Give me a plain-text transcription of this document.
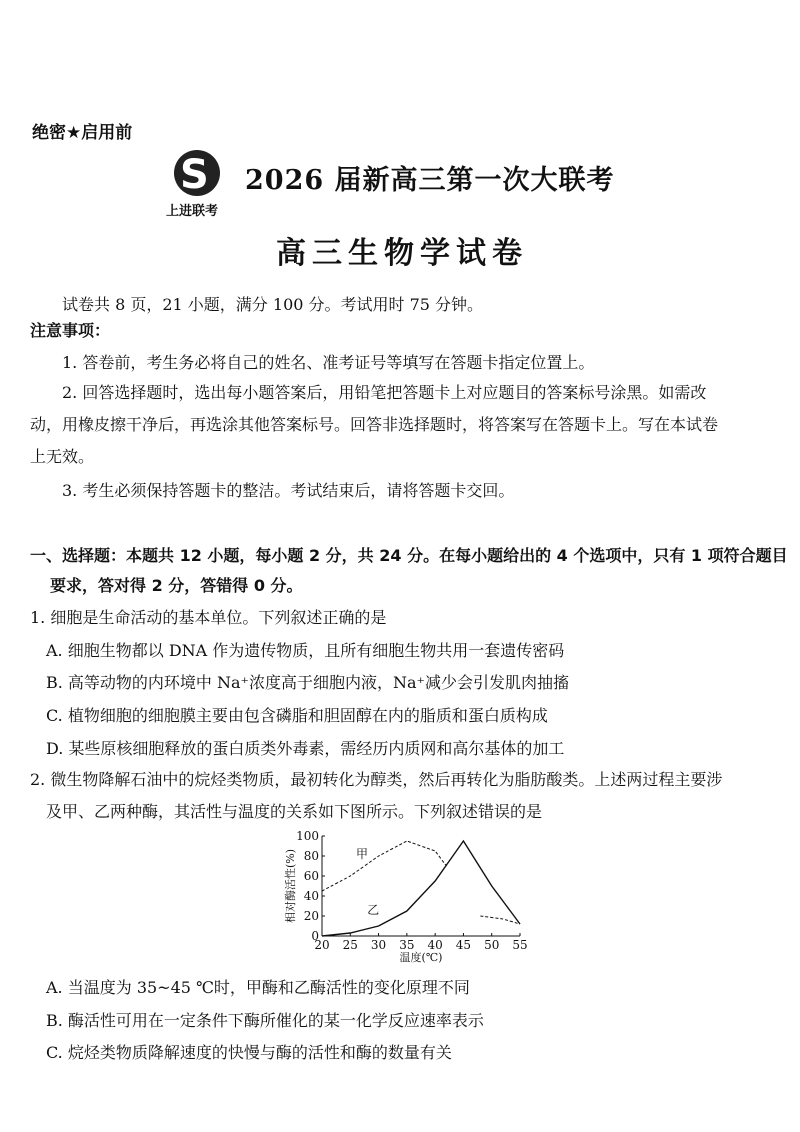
绝密★启用前
S
上进联考
2026 届新高三第一次大联考
高三生物学试卷
试卷共 8 页，21 小题，满分 100 分。考试用时 75 分钟。
注意事项：
1. 答卷前，考生务必将自己的姓名、准考证号等填写在答题卡指定位置上。
2. 回答选择题时，选出每小题答案后，用铅笔把答题卡上对应题目的答案标号涂黑。如需改
动，用橡皮擦干净后，再选涂其他答案标号。回答非选择题时，将答案写在答题卡上。写在本试卷
上无效。
3. 考生必须保持答题卡的整洁。考试结束后，请将答题卡交回。
一、选择题：本题共 12 小题，每小题 2 分，共 24 分。在每小题给出的 4 个选项中，只有 1 项符合题目
要求，答对得 2 分，答错得 0 分。
1. 细胞是生命活动的基本单位。下列叙述正确的是
A. 细胞生物都以 DNA 作为遗传物质，且所有细胞生物共用一套遗传密码
B. 高等动物的内环境中 Na⁺浓度高于细胞内液，Na⁺减少会引发肌肉抽搐
C. 植物细胞的细胞膜主要由包含磷脂和胆固醇在内的脂质和蛋白质构成
D. 某些原核细胞释放的蛋白质类外毒素，需经历内质网和高尔基体的加工
2. 微生物降解石油中的烷烃类物质，最初转化为醇类，然后再转化为脂肪酸类。上述两过程主要涉
及甲、乙两种酶，其活性与温度的关系如下图所示。下列叙述错误的是
20 25 30 35 40 45 50 55
0
20
40
60
80
100
温度(℃)
相对酶活性(%)	甲
乙
A. 当温度为 35~45 ℃时，甲酶和乙酶活性的变化原理不同
B. 酶活性可用在一定条件下酶所催化的某一化学反应速率表示
C. 烷烃类物质降解速度的快慢与酶的活性和酶的数量有关
